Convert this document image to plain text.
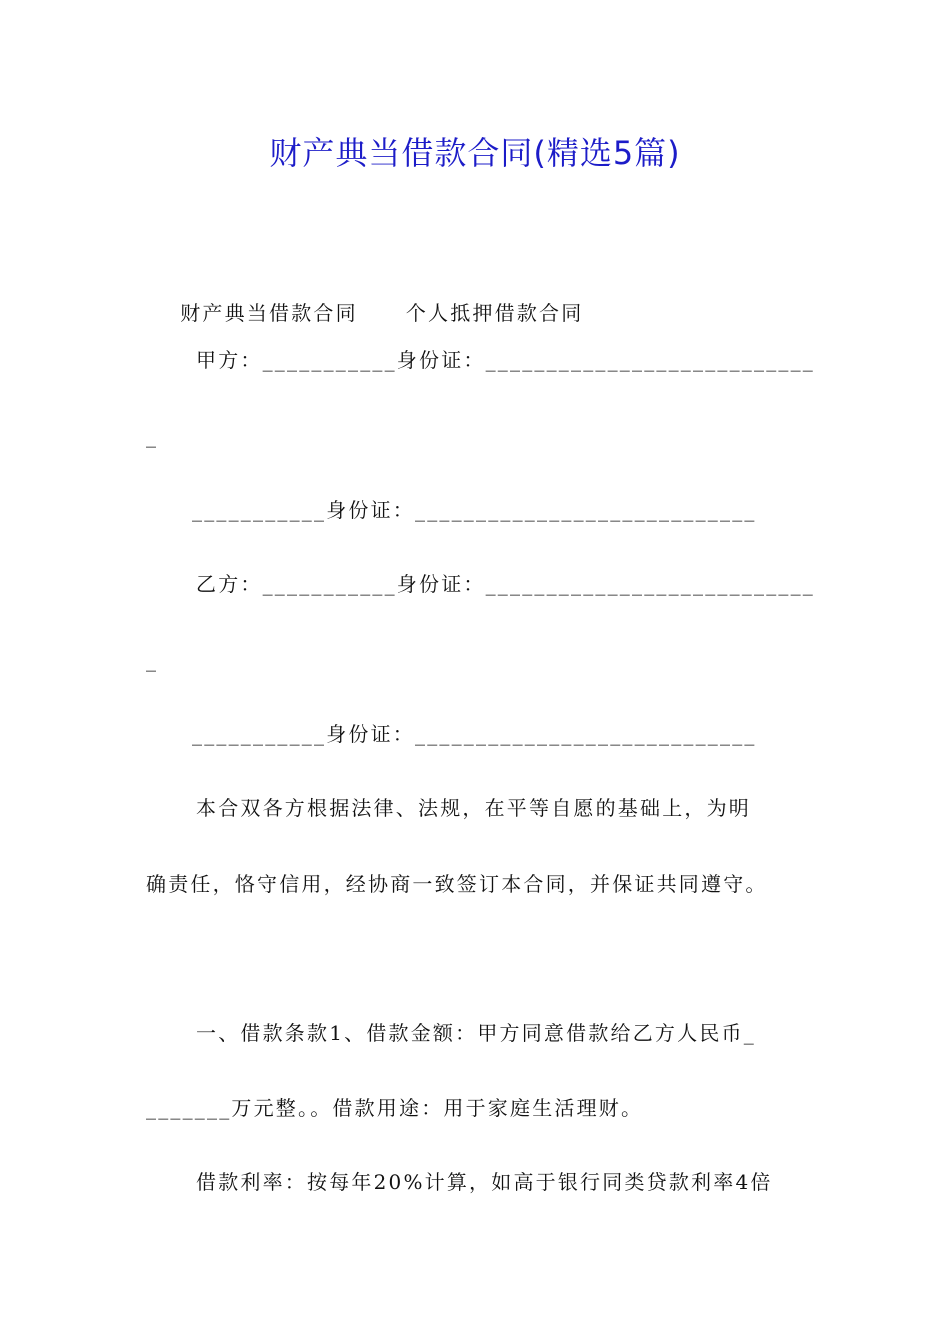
财产典当借款合同(精选5篇)

财产典当借款合同 个人抵押借款合同

甲方：___________身份证：___________________________
_
___________身份证：____________________________
乙方：___________身份证：___________________________
_
___________身份证：____________________________
本合双各方根据法律、法规，在平等自愿的基础上，为明
确责任，恪守信用，经协商一致签订本合同，并保证共同遵守。
一、借款条款1、借款金额：甲方同意借款给乙方人民币_
_______万元整。。借款用途：用于家庭生活理财。
借款利率：按每年20%计算，如高于银行同类贷款利率4倍
